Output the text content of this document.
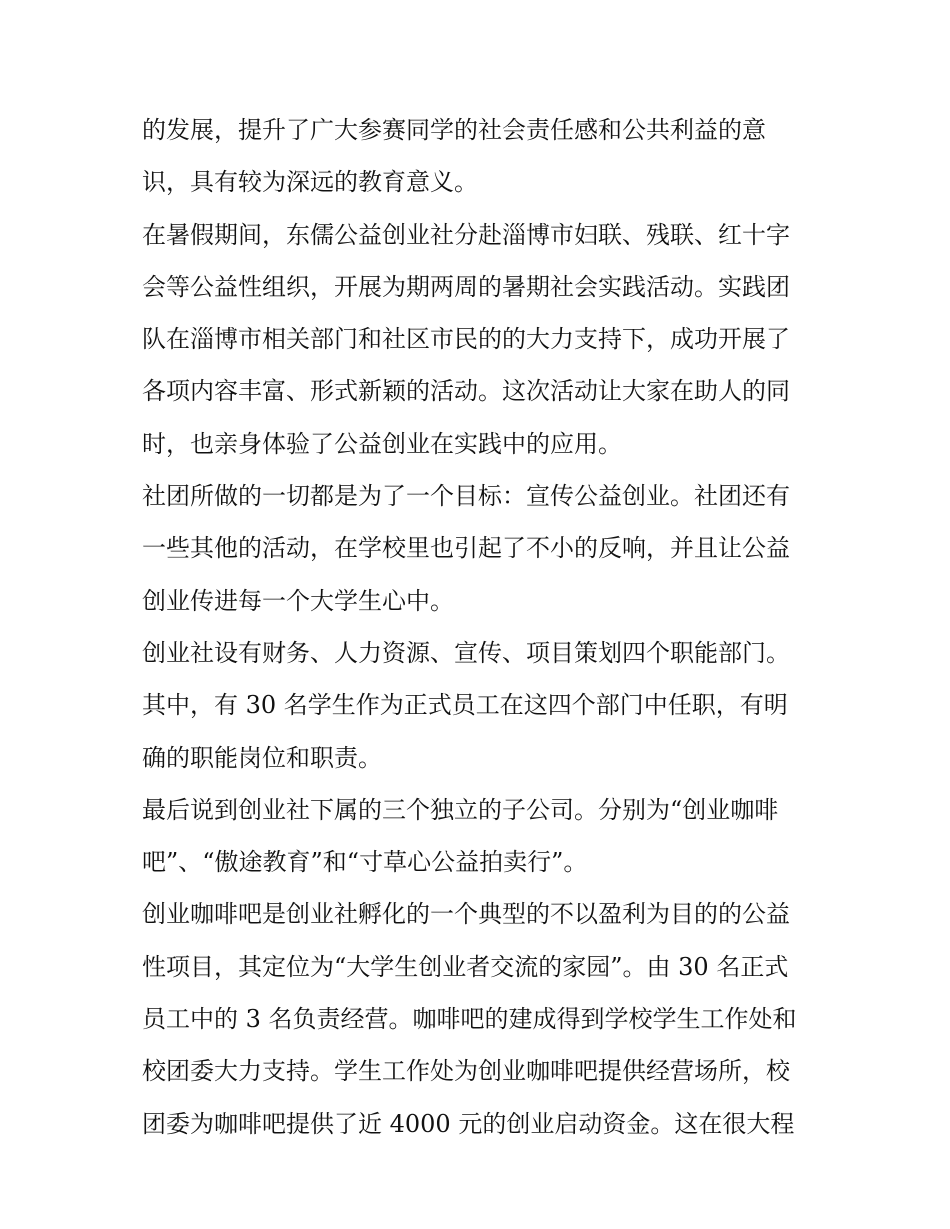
的发展，提升了广大参赛同学的社会责任感和公共利益的意
识，具有较为深远的教育意义。

在暑假期间，东儒公益创业社分赴淄博市妇联、残联、红十字
会等公益性组织，开展为期两周的暑期社会实践活动。实践团
队在淄博市相关部门和社区市民的的大力支持下，成功开展了
各项内容丰富、形式新颖的活动。这次活动让大家在助人的同
时，也亲身体验了公益创业在实践中的应用。

社团所做的一切都是为了一个目标：宣传公益创业。社团还有
一些其他的活动，在学校里也引起了不小的反响，并且让公益
创业传进每一个大学生心中。

创业社设有财务、人力资源、宣传、项目策划四个职能部门。
其中，有 30 名学生作为正式员工在这四个部门中任职，有明
确的职能岗位和职责。

最后说到创业社下属的三个独立的子公司。分别为“创业咖啡
吧”、“傲途教育”和“寸草心公益拍卖行”。

创业咖啡吧是创业社孵化的一个典型的不以盈利为目的的公益
性项目，其定位为“大学生创业者交流的家园”。由 30 名正式
员工中的 3 名负责经营。咖啡吧的建成得到学校学生工作处和
校团委大力支持。学生工作处为创业咖啡吧提供经营场所，校
团委为咖啡吧提供了近 4000 元的创业启动资金。这在很大程
